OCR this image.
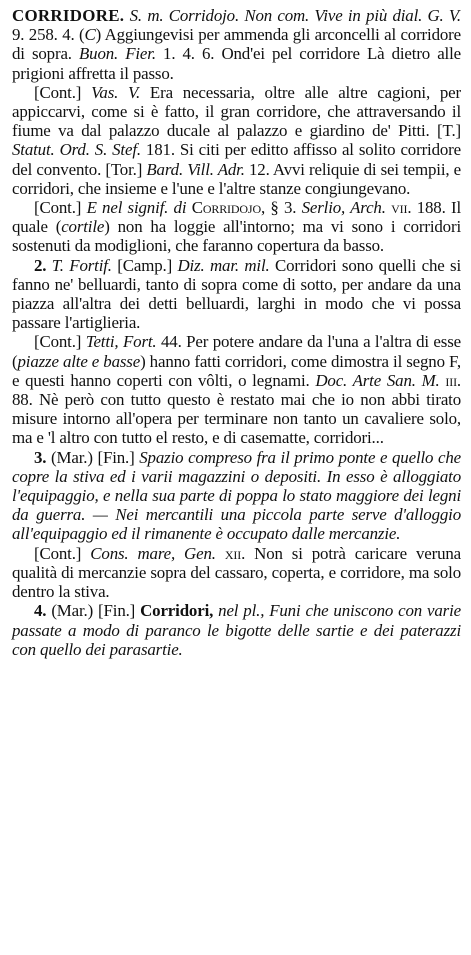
CORRIDORE. S. m. Corridojo. Non com. Vive in più dial. G. V. 9. 258. 4. (C) Aggiungevisi per ammenda gli arconcelli al corridore di sopra. Buon. Fier. 1. 4. 6. Ond'ei pel corridore Là dietro alle prigioni affretta il passo.

[Cont.] Vas. V. Era necessaria, oltre alle altre cagioni, per appiccarvi, come si è fatto, il gran corridore, che attraversando il fiume va dal palazzo ducale al palazzo e giardino de' Pitti. [T.] Statut. Ord. S. Stef. 181. Si citi per editto affisso al solito corridore del convento. [Tor.] Bard. Vill. Adr. 12. Avvi reliquie di sei tempii, e corridori, che insieme e l'une e l'altre stanze congiungevano.

[Cont.] E nel signif. di Corridojo, § 3. Serlio, Arch. vii. 188. Il quale (cortile) non ha loggie all'intorno; ma vi sono i corridori sostenuti da modiglioni, che faranno copertura da basso.

2. T. Fortif. [Camp.] Diz. mar. mil. Corridori sono quelli che si fanno ne' belluardi, tanto di sopra come di sotto, per andare da una piazza all'altra dei detti belluardi, larghi in modo che vi possa passare l'artiglieria.

[Cont.] Tetti, Fort. 44. Per potere andare da l'una a l'altra di esse (piazze alte e basse) hanno fatti corridori, come dimostra il segno F, e questi hanno coperti con vôlti, o legnami. Doc. Arte San. M. iii. 88. Nè però con tutto questo è restato mai che io non abbi tirato misure intorno all'opera per terminare non tanto un cavaliere solo, ma e 'l altro con tutto el resto, e di casematte, corridori...

3. (Mar.) [Fin.] Spazio compreso fra il primo ponte e quello che copre la stiva ed i varii magazzini o depositi. In esso è alloggiato l'equipaggio, e nella sua parte di poppa lo stato maggiore dei legni da guerra. — Nei mercantili una piccola parte serve d'alloggio all'equipaggio ed il rimanente è occupato dalle mercanzie.

[Cont.] Cons. mare, Gen. xii. Non si potrà caricare veruna qualità di mercanzie sopra del cassaro, coperta, e corridore, ma solo dentro la stiva.

4. (Mar.) [Fin.] Corridori, nel pl., Funi che uniscono con varie passate a modo di paranco le bigotte delle sartie e dei paterazzi con quello dei parasartie.
